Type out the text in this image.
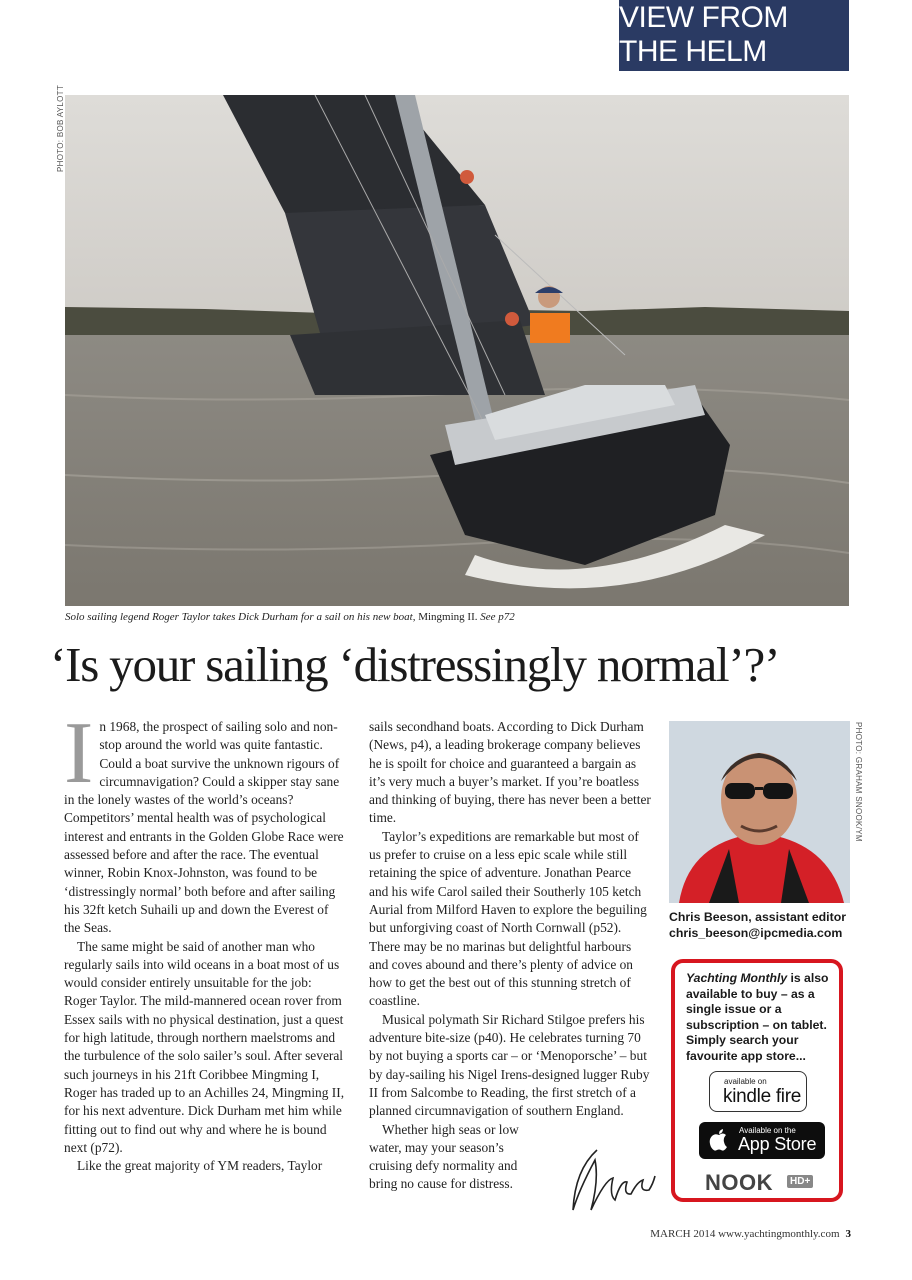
VIEW FROM THE HELM
PHOTO: BOB AYLOTT
Solo sailing legend Roger Taylor takes Dick Durham for a sail on his new boat, Mingming II. See p72
‘Is your sailing ‘distressingly normal’?’

In 1968, the prospect of sailing solo and non-stop around the world was quite fantastic. Could a boat survive the unknown rigours of circumnavigation? Could a skipper stay sane in the lonely wastes of the world’s oceans? Competitors’ mental health was of psychological interest and entrants in the Golden Globe Race were assessed before and after the race. The eventual winner, Robin Knox-Johnston, was found to be ‘distressingly normal’ both before and after sailing his 32ft ketch Suhaili up and down the Everest of the Seas.

The same might be said of another man who regularly sails into wild oceans in a boat most of us would consider entirely unsuitable for the job: Roger Taylor. The mild-mannered ocean rover from Essex sails with no physical destination, just a quest for high latitude, through northern maelstroms and the turbulence of the solo sailer’s soul. After several such journeys in his 21ft Coribbee Mingming I, Roger has traded up to an Achilles 24, Mingming II, for his next adventure. Dick Durham met him while fitting out to find out why and where he is bound next (p72).

Like the great majority of YM readers, Taylor

sails secondhand boats. According to Dick Durham (News, p4), a leading brokerage company believes he is spoilt for choice and guaranteed a bargain as it’s very much a buyer’s market. If you’re boatless and thinking of buying, there has never been a better time.

Taylor’s expeditions are remarkable but most of us prefer to cruise on a less epic scale while still retaining the spice of adventure. Jonathan Pearce and his wife Carol sailed their Southerly 105 ketch Aurial from Milford Haven to explore the beguiling but unforgiving coast of North Cornwall (p52). There may be no marinas but delightful harbours and coves abound and there’s plenty of advice on how to get the best out of this stunning stretch of coastline.

Musical polymath Sir Richard Stilgoe prefers his adventure bite-size (p40). He celebrates turning 70 by not buying a sports car – or ‘Menoporsche’ – but by day-sailing his Nigel Irens-designed lugger Ruby II from Salcombe to Reading, the first stretch of a planned circumnavigation of southern England.

Whether high seas or low water, may your season’s cruising defy normality and bring no cause for distress.

PHOTO: GRAHAM SNOOK/YM
Chris Beeson, assistant editor
chris_beeson@ipcmedia.com
Yachting Monthly is also available to buy – as a single issue or a subscription – on tablet. Simply search your favourite app store...
available on
kindle fire
Available on the
App Store
NOOK	HD+
MARCH 2014 www.yachtingmonthly.com 3
